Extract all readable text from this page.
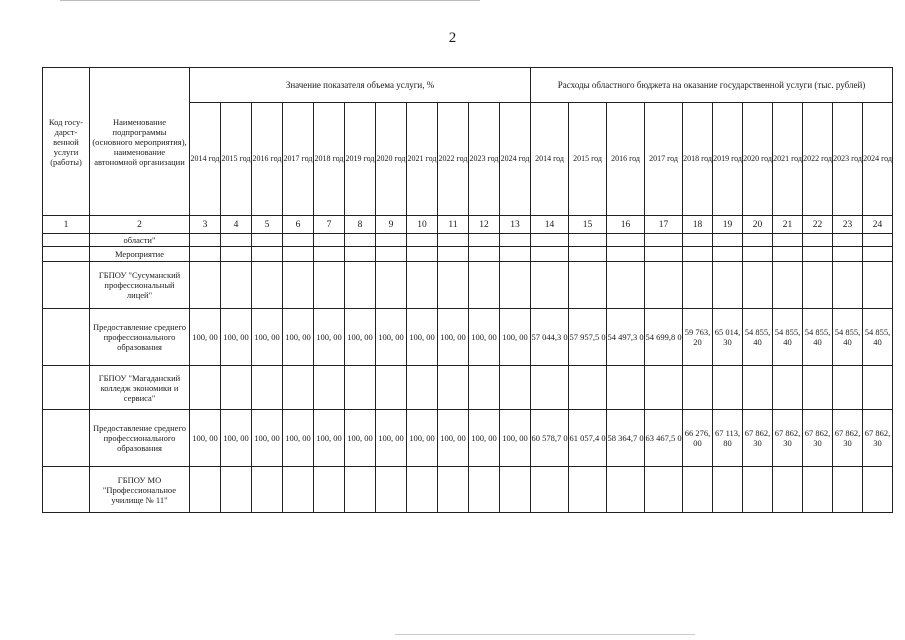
2
Код госу-дарст-венной услуги (работы)	Наименование подпрограммы (основного мероприятия), наименование автономной организации	Значение показателя объема услуги, %											Расходы областного бюджета на оказание государственной услуги (тыс. рублей)										
		2014 год	2015 год	2016 год	2017 год	2018 год	2019 год	2020 год	2021 год	2022 год	2023 год	2024 год	2014 год	2015 год	2016 год	2017 год	2018 год	2019 год	2020 год	2021 год	2022 год	2023 год	2024 год
1	2	3	4	5	6	7	8	9	10	11	12	13	14	15	16	17	18	19	20	21	22	23	24
	области"																						
	Мероприятие																						
	ГБПОУ "Сусуманский профессиональный лицей"																						
	Предоставление среднего профессионального образования	100, 00	100, 00	100, 00	100, 00	100, 00	100, 00	100, 00	100, 00	100, 00	100, 00	100, 00	57 044,3 0	57 957,5 0	54 497,3 0	54 699,8 0	59 763, 20	65 014, 30	54 855, 40	54 855, 40	54 855, 40	54 855, 40	54 855, 40
	ГБПОУ "Магаданский колледж экономики и сервиса"																						
	Предоставление среднего профессионального образования	100, 00	100, 00	100, 00	100, 00	100, 00	100, 00	100, 00	100, 00	100, 00	100, 00	100, 00	60 578,7 0	61 057,4 0	58 364,7 0	63 467,5 0	66 276, 00	67 113, 80	67 862, 30	67 862, 30	67 862, 30	67 862, 30	67 862, 30
	ГБПОУ МО "Профессиональное училище № 11"																						
